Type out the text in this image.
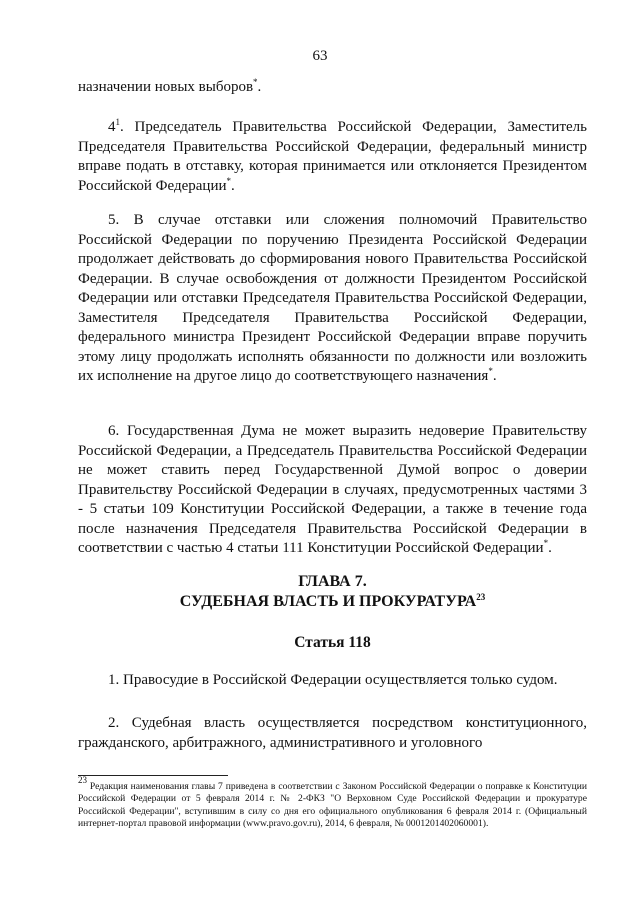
63

назначении новых выборов*.

$4^1$. Председатель Правительства Российской Федерации, Заместитель Председателя Правительства Российской Федерации, федеральный министр вправе подать в отставку, которая принимается или отклоняется Президентом Российской Федерации*.

5. В случае отставки или сложения полномочий Правительство Российской Федерации по поручению Президента Российской Федерации продолжает действовать до сформирования нового Правительства Российской Федерации. В случае освобождения от должности Президентом Российской Федерации или отставки Председателя Правительства Российской Федерации, Заместителя Председателя Правительства Российской Федерации, федерального министра Президент Российской Федерации вправе поручить этому лицу продолжать исполнять обязанности по должности или возложить их исполнение на другое лицо до соответствующего назначения*.

6. Государственная Дума не может выразить недоверие Правительству Российской Федерации, а Председатель Правительства Российской Федерации не может ставить перед Государственной Думой вопрос о доверии Правительству Российской Федерации в случаях, предусмотренных частями 3 - 5 статьи 109 Конституции Российской Федерации, а также в течение года после назначения Председателя Правительства Российской Федерации в соответствии с частью 4 статьи 111 Конституции Российской Федерации*.

ГЛАВА 7.
СУДЕБНАЯ ВЛАСТЬ И ПРОКУРАТУРА$^{23}$
Статья 118

1. Правосудие в Российской Федерации осуществляется только судом.

2. Судебная власть осуществляется посредством конституционного, гражданского, арбитражного, административного и уголовного

$^{23}$ Редакция наименования главы 7 приведена в соответствии с Законом Российской Федерации о поправке к Конституции Российской Федерации от 5 февраля 2014 г. № 2-ФКЗ "О Верховном Суде Российской Федерации и прокуратуре Российской Федерации", вступившим в силу со дня его официального опубликования 6 февраля 2014 г. (Официальный интернет-портал правовой информации (www.pravo.gov.ru), 2014, 6 февраля, № 0001201402060001).
